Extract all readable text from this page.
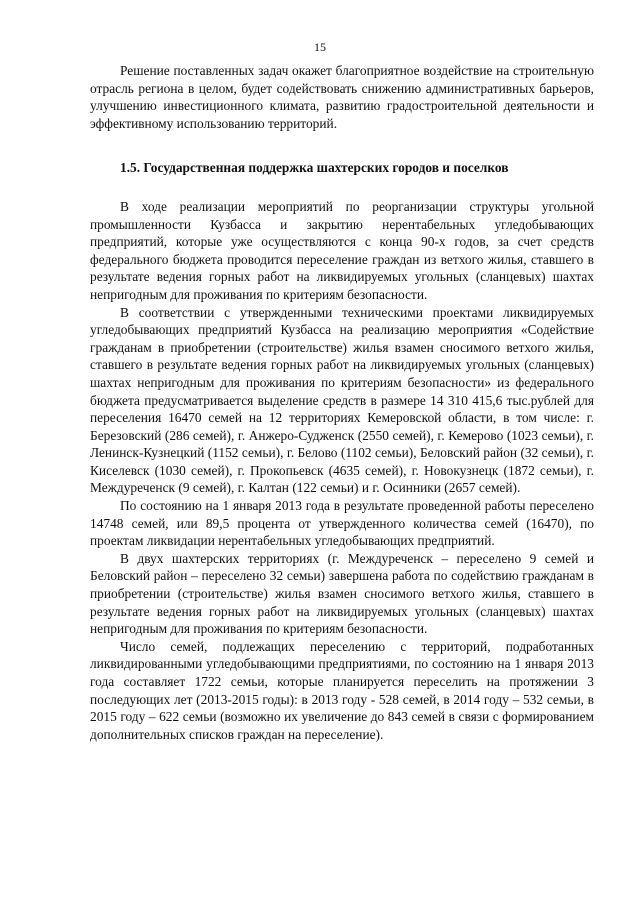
15

Решение поставленных задач окажет благоприятное воздействие на строительную отрасль региона в целом, будет содействовать снижению административных барьеров, улучшению инвестиционного климата, развитию градостроительной деятельности и эффективному использованию территорий.

1.5. Государственная поддержка шахтерских городов и поселков

В ходе реализации мероприятий по реорганизации структуры угольной промышленности Кузбасса и закрытию нерентабельных угледобывающих предприятий, которые уже осуществляются с конца 90-х годов, за счет средств федерального бюджета проводится переселение граждан из ветхого жилья, ставшего в результате ведения горных работ на ликвидируемых угольных (сланцевых) шахтах непригодным для проживания по критериям безопасности.

В соответствии с утвержденными техническими проектами ликвидируемых угледобывающих предприятий Кузбасса на реализацию мероприятия «Содействие гражданам в приобретении (строительстве) жилья взамен сносимого ветхого жилья, ставшего в результате ведения горных работ на ликвидируемых угольных (сланцевых) шахтах непригодным для проживания по критериям безопасности» из федерального бюджета предусматривается выделение средств в размере 14 310 415,6 тыс.рублей для переселения 16470 семей на 12 территориях Кемеровской области, в том числе: г. Березовский (286 семей), г. Анжеро-Судженск (2550 семей), г. Кемерово (1023 семьи), г. Ленинск-Кузнецкий (1152 семьи), г. Белово (1102 семьи), Беловский район (32 семьи), г. Киселевск (1030 семей), г. Прокопьевск (4635 семей), г. Новокузнецк (1872 семьи), г. Междуреченск (9 семей), г. Калтан (122 семьи) и г. Осинники (2657 семей).

По состоянию на 1 января 2013 года в результате проведенной работы переселено 14748 семей, или 89,5 процента от утвержденного количества семей (16470), по проектам ликвидации нерентабельных угледобывающих предприятий.

В двух шахтерских территориях (г. Междуреченск – переселено 9 семей и Беловский район – переселено 32 семьи) завершена работа по содействию гражданам в приобретении (строительстве) жилья взамен сносимого ветхого жилья, ставшего в результате ведения горных работ на ликвидируемых угольных (сланцевых) шахтах непригодным для проживания по критериям безопасности.

Число семей, подлежащих переселению с территорий, подработанных ликвидированными угледобывающими предприятиями, по состоянию на 1 января 2013 года составляет 1722 семьи, которые планируется переселить на протяжении 3 последующих лет (2013-2015 годы): в 2013 году - 528 семей, в 2014 году – 532 семьи, в 2015 году – 622 семьи (возможно их увеличение до 843 семей в связи с формированием дополнительных списков граждан на переселение).
